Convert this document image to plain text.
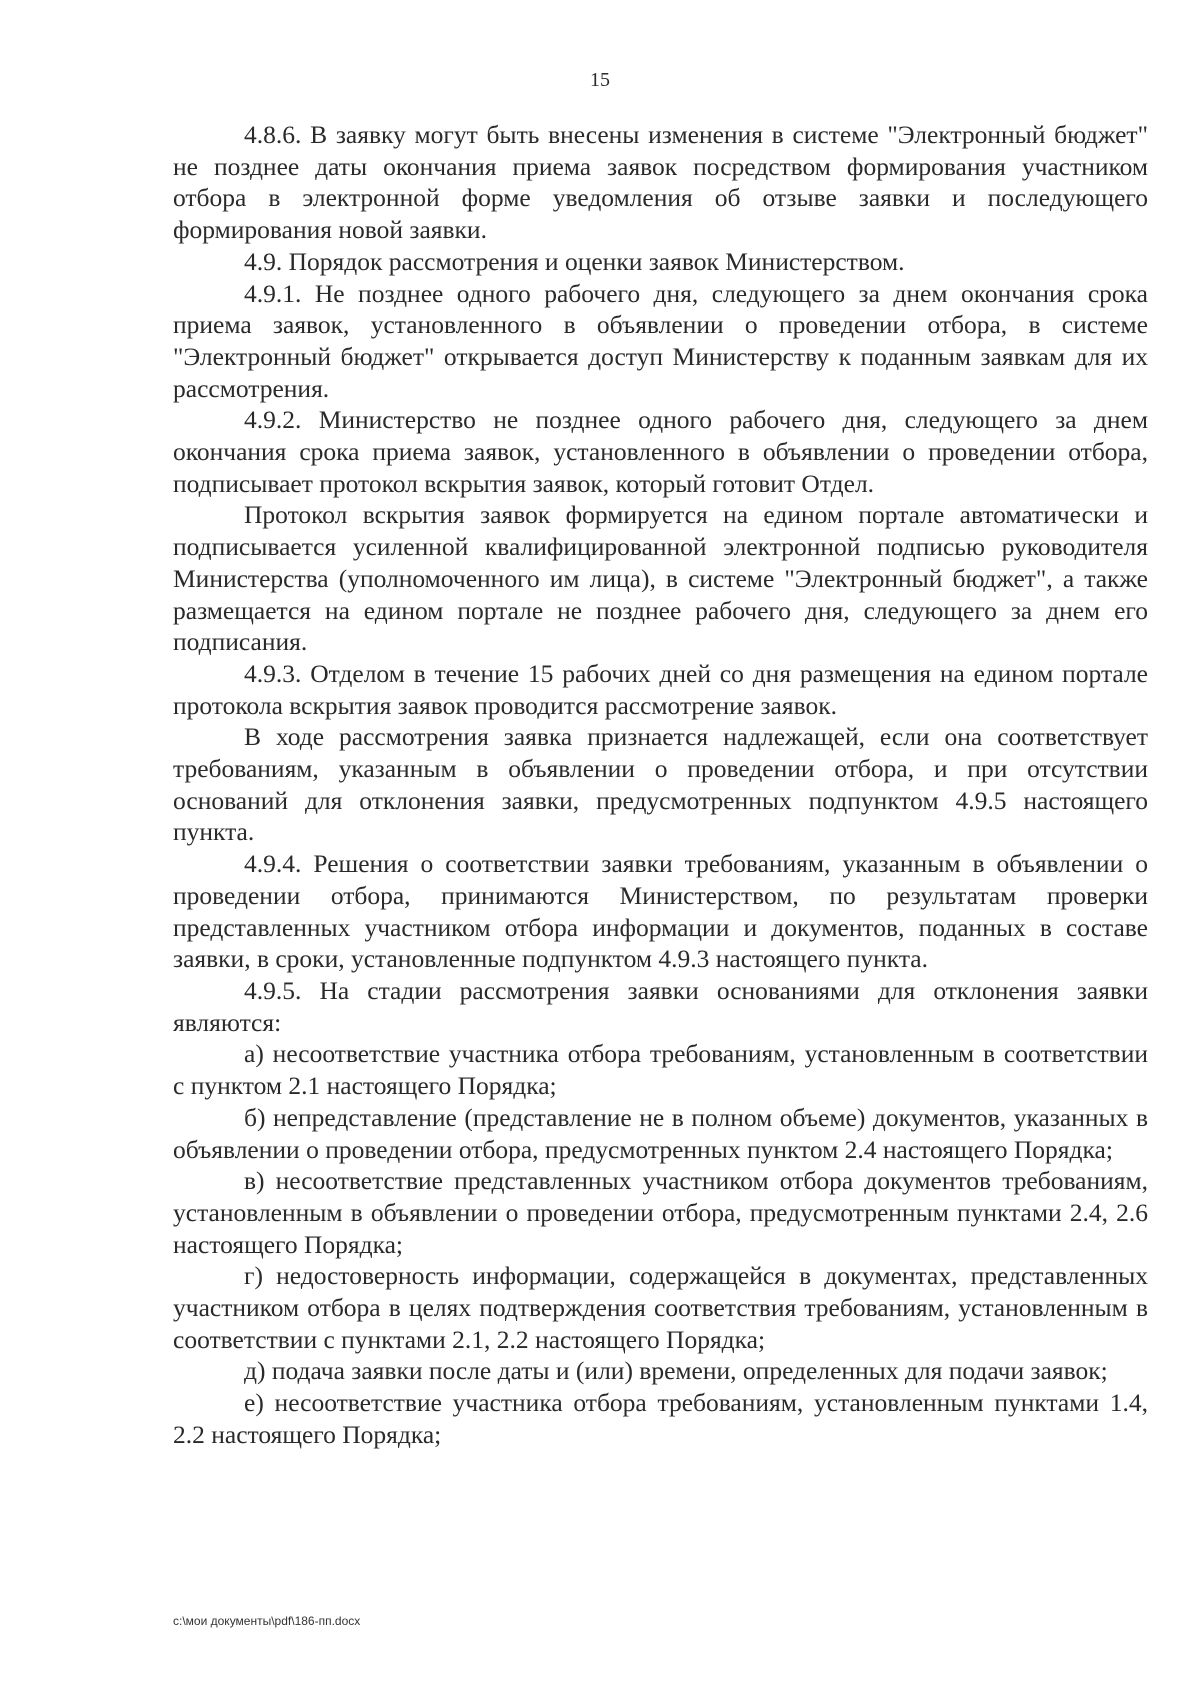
15

4.8.6. В заявку могут быть внесены изменения в системе "Электронный бюджет" не позднее даты окончания приема заявок посредством формирования участником отбора в электронной форме уведомления об отзыве заявки и последующего формирования новой заявки.

4.9. Порядок рассмотрения и оценки заявок Министерством.

4.9.1. Не позднее одного рабочего дня, следующего за днем окончания срока приема заявок, установленного в объявлении о проведении отбора, в системе "Электронный бюджет" открывается доступ Министерству к поданным заявкам для их рассмотрения.

4.9.2. Министерство не позднее одного рабочего дня, следующего за днем окончания срока приема заявок, установленного в объявлении о проведении отбора, подписывает протокол вскрытия заявок, который готовит Отдел.

Протокол вскрытия заявок формируется на едином портале автоматически и подписывается усиленной квалифицированной электронной подписью руководителя Министерства (уполномоченного им лица), в системе "Электронный бюджет", а также размещается на едином портале не позднее рабочего дня, следующего за днем его подписания.

4.9.3. Отделом в течение 15 рабочих дней со дня размещения на едином портале протокола вскрытия заявок проводится рассмотрение заявок.

В ходе рассмотрения заявка признается надлежащей, если она соответствует требованиям, указанным в объявлении о проведении отбора, и при отсутствии оснований для отклонения заявки, предусмотренных подпунктом 4.9.5 настоящего пункта.

4.9.4. Решения о соответствии заявки требованиям, указанным в объявлении о проведении отбора, принимаются Министерством, по результатам проверки представленных участником отбора информации и документов, поданных в составе заявки, в сроки, установленные подпунктом 4.9.3 настоящего пункта.

4.9.5. На стадии рассмотрения заявки основаниями для отклонения заявки являются:

а) несоответствие участника отбора требованиям, установленным в соответствии с пунктом 2.1 настоящего Порядка;

б) непредставление (представление не в полном объеме) документов, указанных в объявлении о проведении отбора, предусмотренных пунктом 2.4 настоящего Порядка;

в) несоответствие представленных участником отбора документов требованиям, установленным в объявлении о проведении отбора, предусмотренным пунктами 2.4, 2.6 настоящего Порядка;

г) недостоверность информации, содержащейся в документах, представленных участником отбора в целях подтверждения соответствия требованиям, установленным в соответствии с пунктами 2.1, 2.2 настоящего Порядка;

д) подача заявки после даты и (или) времени, определенных для подачи заявок;

е) несоответствие участника отбора требованиям, установленным пунктами 1.4, 2.2 настоящего Порядка;

c:\мои документы\pdf\186-пп.docx
